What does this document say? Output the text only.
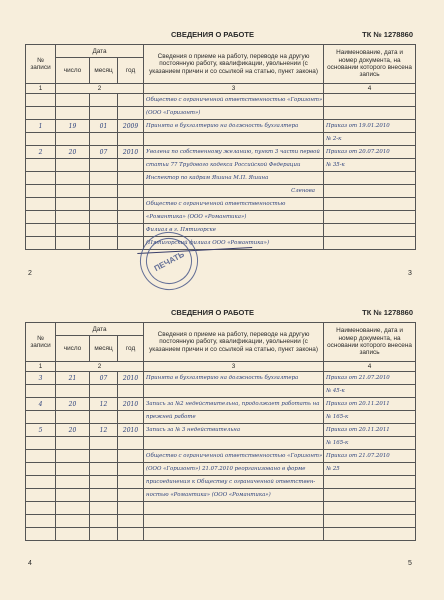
СВЕДЕНИЯ О РАБОТЕ	ТК № 1278860
№ записи	Дата			Сведения о приеме на работу, переводе на другую постоянную работу, квалификации, увольнении (с указанием причин и со ссылкой на статью, пункт закона)	Наименование, дата и номер документа, на основании которого внесена запись
	число	месяц	год		
1	2			3	4
				Общество с ограниченной ответственностью «Горизонт»	
				(ООО «Горизонт»)	
1	19	01	2009	Принята в бухгалтерию на должность бухгалтера	Приказ от 19.01.2010
					№ 2-к
2	20	07	2010	Уволена по собственному желанию, пункт 3 части первой	Приказ от 20.07.2010
				статьи 77 Трудового кодекса Российской Федерации	№ 35-к
				Инспектор по кадрам Яшина М.П. Яшина	
				Сленова	
				Общество с ограниченной ответственностью	
				«Романтика» (ООО «Романтика»)	
				Филиал в г. Пятигорске	
				(Пятигорский филиал ООО «Романтика»)	
ПЕЧАТЬ
2	3
СВЕДЕНИЯ О РАБОТЕ	ТК № 1278860
№ записи	Дата			Сведения о приеме на работу, переводе на другую постоянную работу, квалификации, увольнении (с указанием причин и со ссылкой на статью, пункт закона)	Наименование, дата и номер документа, на основании которого внесена запись
	число	месяц	год		
1	2			3	4
3	21	07	2010	Принята в бухгалтерию на должность бухгалтера	Приказ от 21.07.2010
					№ 45-к
4	20	12	2010	Запись за №2 недействительна, продолжает работать на	Приказ от 20.11.2011
				прежней работе	№ 165-к
5	20	12	2010	Запись за № 3 недействительна	Приказ от 20.11.2011
					№ 165-к
				Общество с ограниченной ответственностью «Горизонт»	Приказ от 21.07.2010
				(ООО «Горизонт») 21.07.2010 реорганизовано в форме	№ 25
				присоединения к Обществу с ограниченной ответствен-	
				ностью «Романтика» (ООО «Романтика»)	

4	5
